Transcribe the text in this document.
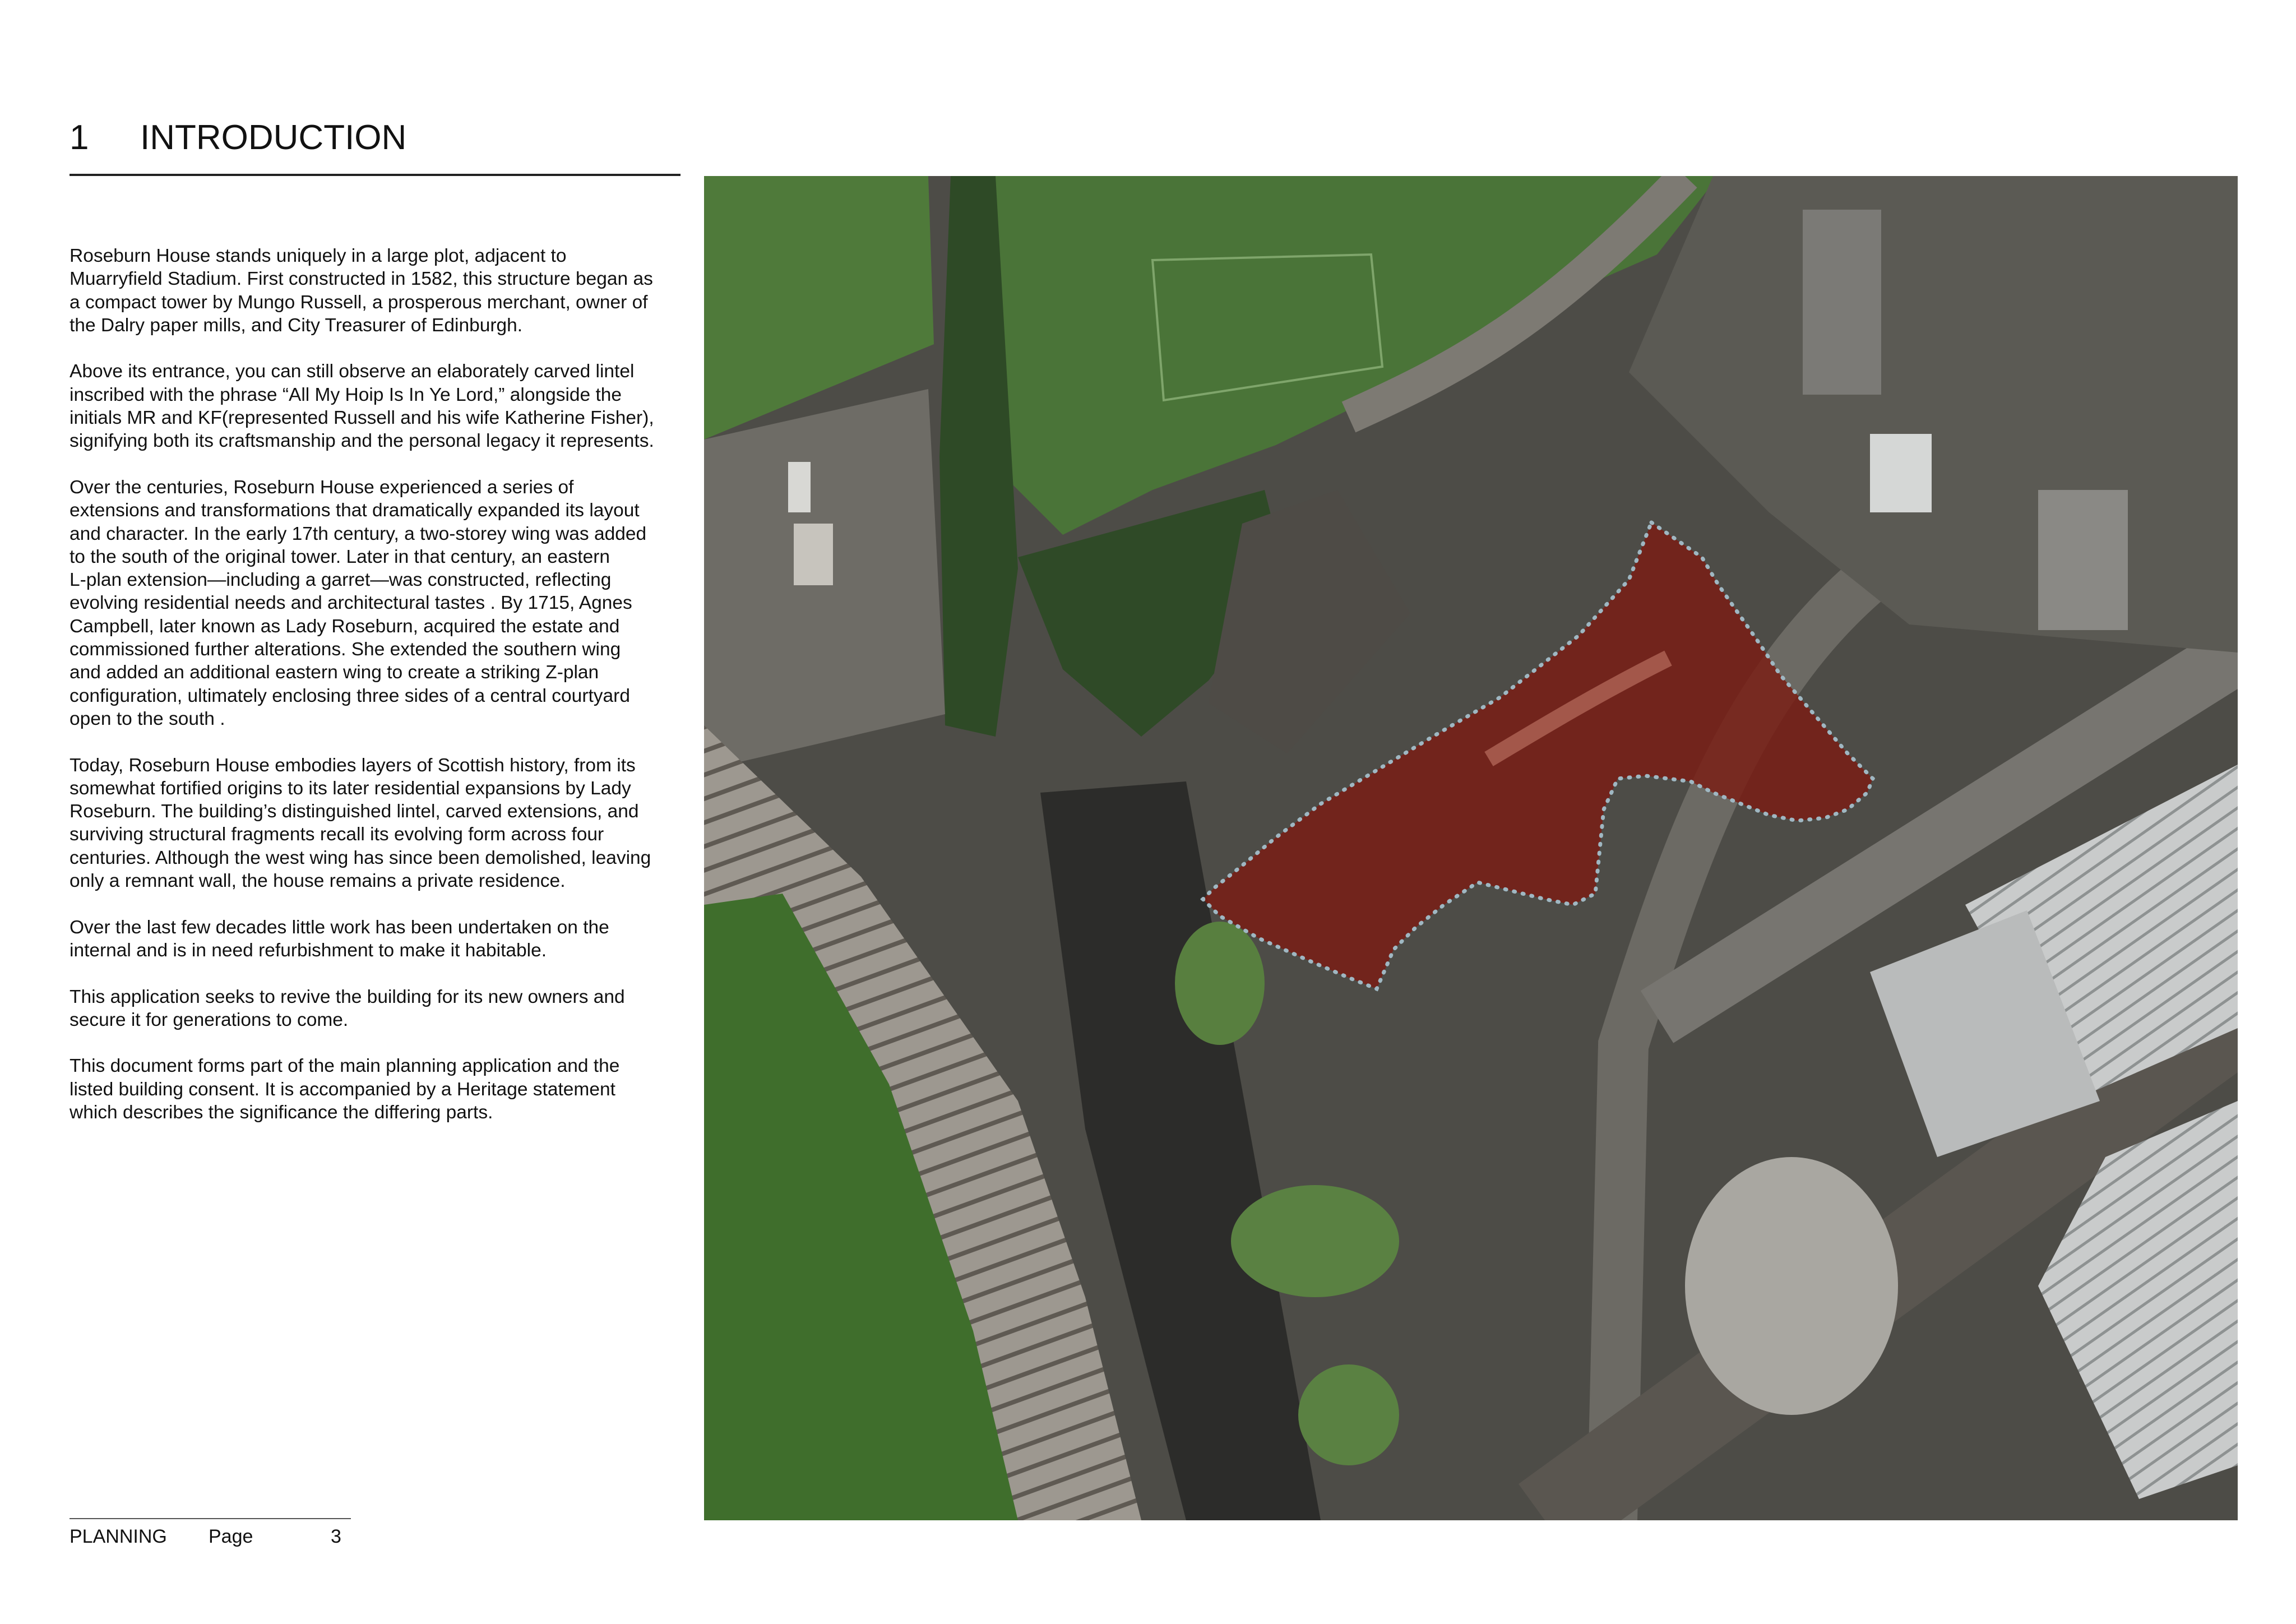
1 INTRODUCTION

Roseburn House stands uniquely in a large plot, adjacent to
Muarryfield Stadium. First constructed in 1582, this structure began as
a compact tower by Mungo Russell, a prosperous merchant, owner of
the Dalry paper mills, and City Treasurer of Edinburgh.

Above its entrance, you can still observe an elaborately carved lintel
inscribed with the phrase “All My Hoip Is In Ye Lord,” alongside the
initials MR and KF(represented Russell and his wife Katherine Fisher),
signifying both its craftsmanship and the personal legacy it represents.

Over the centuries, Roseburn House experienced a series of
extensions and transformations that dramatically expanded its layout
and character. In the early 17th century, a two-storey wing was added
to the south of the original tower. Later in that century, an eastern
L-plan extension—including a garret—was constructed, reflecting
evolving residential needs and architectural tastes . By 1715, Agnes
Campbell, later known as Lady Roseburn, acquired the estate and
commissioned further alterations. She extended the southern wing
and added an additional eastern wing to create a striking Z-plan
configuration, ultimately enclosing three sides of a central courtyard
open to the south .

Today, Roseburn House embodies layers of Scottish history, from its
somewhat fortified origins to its later residential expansions by Lady
Roseburn. The building’s distinguished lintel, carved extensions, and
surviving structural fragments recall its evolving form across four
centuries. Although the west wing has since been demolished, leaving
only a remnant wall, the house remains a private residence.

Over the last few decades little work has been undertaken on the
internal and is in need refurbishment to make it habitable.

This application seeks to revive the building for its new owners and
secure it for generations to come.

This document forms part of the main planning application and the
listed building consent. It is accompanied by a Heritage statement
which describes the significance the differing parts.

PLANNING Page	3
